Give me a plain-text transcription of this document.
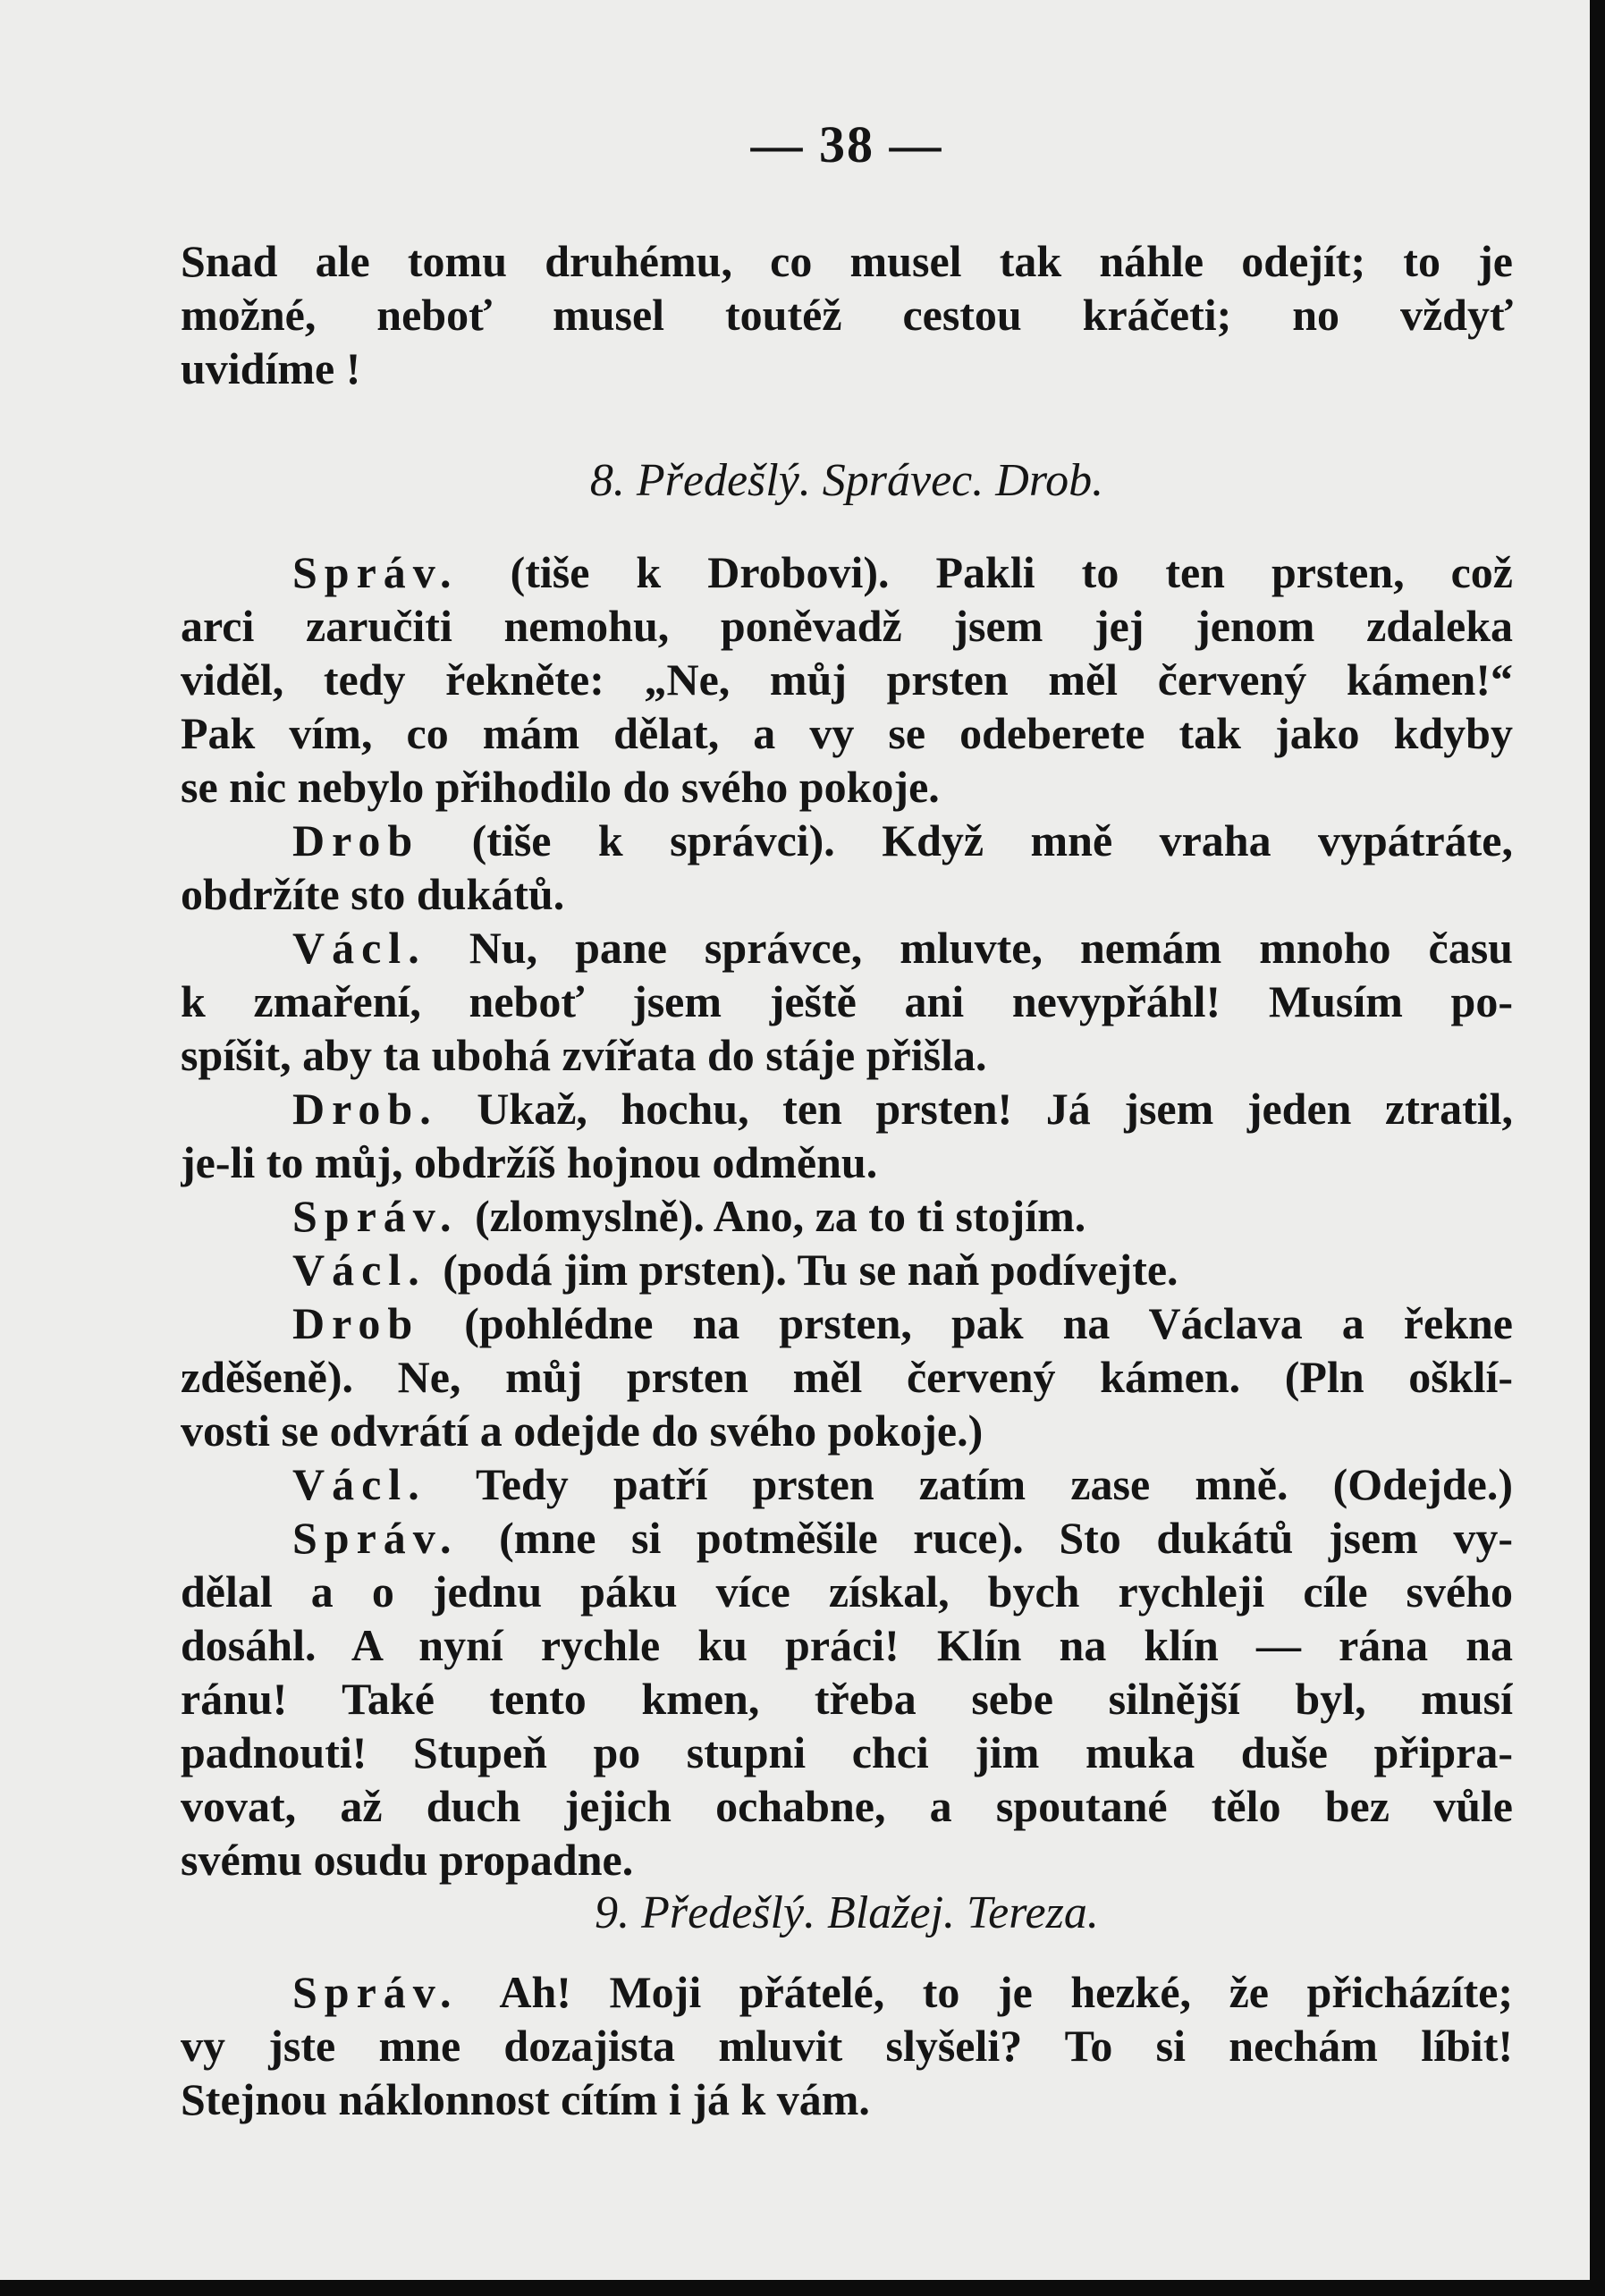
— 38 —
Snad ale tomu druhému, co musel tak náhle odejít; to je
možné, neboť musel toutéž cestou kráčeti; no vždyť
uvidíme !
8. Předešlý. Správec. Drob.
Správ. (tiše k Drobovi). Pakli to ten prsten, což
arci zaručiti nemohu, poněvadž jsem jej jenom zdaleka
viděl, tedy řekněte: „Ne, můj prsten měl červený kámen!“
Pak vím, co mám dělat, a vy se odeberete tak jako kdyby
se nic nebylo přihodilo do svého pokoje.
Drob (tiše k správci). Když mně vraha vypátráte,
obdržíte sto dukátů.
Václ. Nu, pane správce, mluvte, nemám mnoho času
k zmaření, neboť jsem ještě ani nevypřáhl! Musím po-
spíšit, aby ta ubohá zvířata do stáje přišla.
Drob. Ukaž, hochu, ten prsten! Já jsem jeden ztratil,
je-li to můj, obdržíš hojnou odměnu.
Správ. (zlomyslně). Ano, za to ti stojím.
Václ. (podá jim prsten). Tu se naň podívejte.
Drob (pohlédne na prsten, pak na Václava a řekne
zděšeně). Ne, můj prsten měl červený kámen. (Pln ošklí-
vosti se odvrátí a odejde do svého pokoje.)
Václ. Tedy patří prsten zatím zase mně. (Odejde.)
Správ. (mne si potměšile ruce). Sto dukátů jsem vy-
dělal a o jednu páku více získal, bych rychleji cíle svého
dosáhl. A nyní rychle ku práci! Klín na klín — rána na
ránu! Také tento kmen, třeba sebe silnější byl, musí
padnouti! Stupeň po stupni chci jim muka duše připra-
vovat, až duch jejich ochabne, a spoutané tělo bez vůle
svému osudu propadne.
9. Předešlý. Blažej. Tereza.
Správ. Ah! Moji přátelé, to je hezké, že přicházíte;
vy jste mne dozajista mluvit slyšeli? To si nechám líbit!
Stejnou náklonnost cítím i já k vám.
